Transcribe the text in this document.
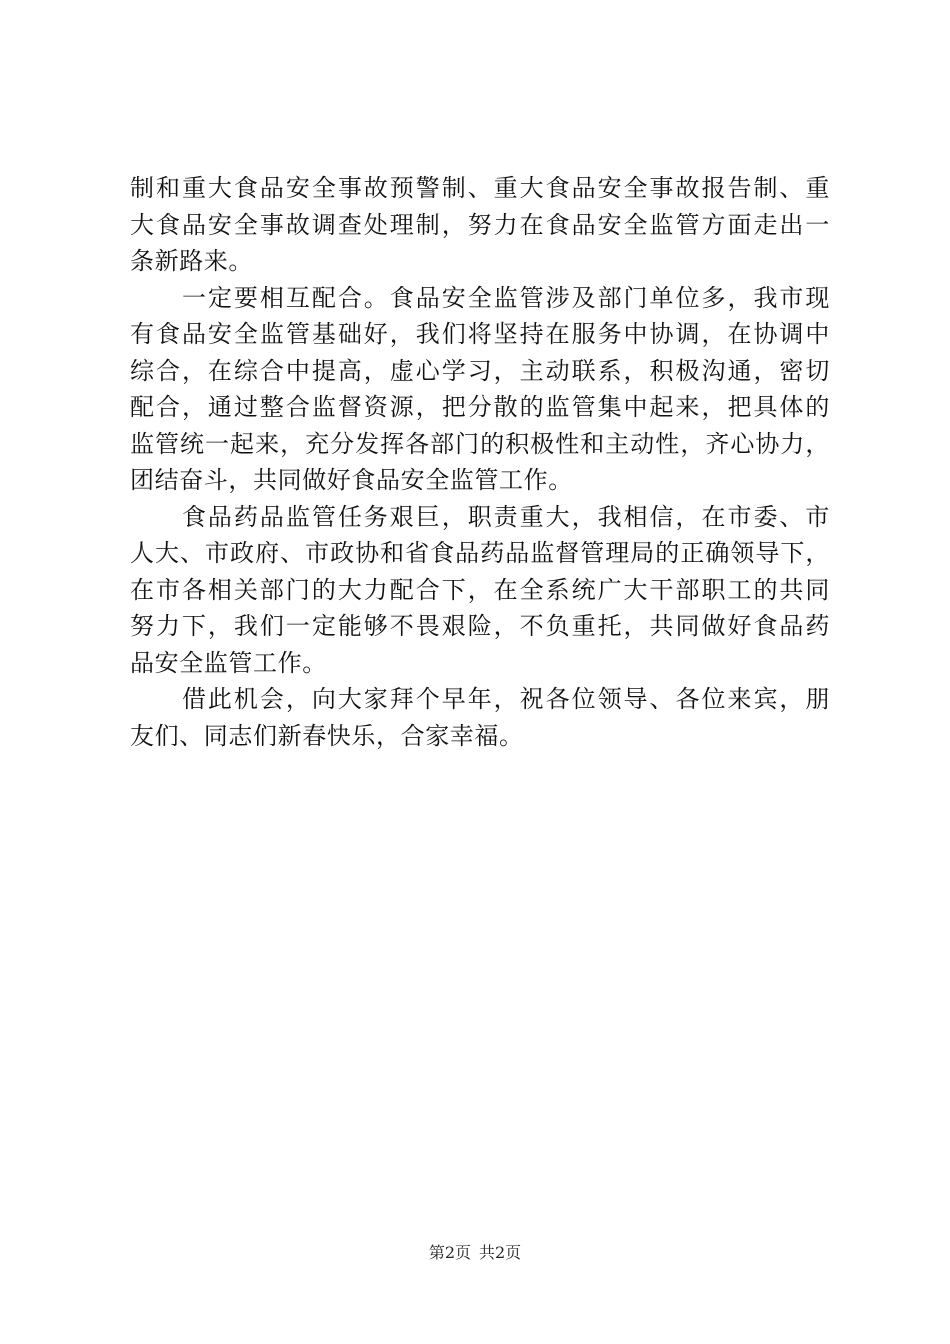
制和重大食品安全事故预警制、重大食品安全事故报告制、重
大食品安全事故调查处理制，努力在食品安全监管方面走出一
条新路来。

　　一定要相互配合。食品安全监管涉及部门单位多，我市现
有食品安全监管基础好，我们将坚持在服务中协调，在协调中
综合，在综合中提高，虚心学习，主动联系，积极沟通，密切
配合，通过整合监督资源，把分散的监管集中起来，把具体的
监管统一起来，充分发挥各部门的积极性和主动性，齐心协力，
团结奋斗，共同做好食品安全监管工作。

　　食品药品监管任务艰巨，职责重大，我相信，在市委、市
人大、市政府、市政协和省食品药品监督管理局的正确领导下，
在市各相关部门的大力配合下，在全系统广大干部职工的共同
努力下，我们一定能够不畏艰险，不负重托，共同做好食品药
品安全监管工作。

　　借此机会，向大家拜个早年，祝各位领导、各位来宾，朋
友们、同志们新春快乐，合家幸福。

第2页 共2页
